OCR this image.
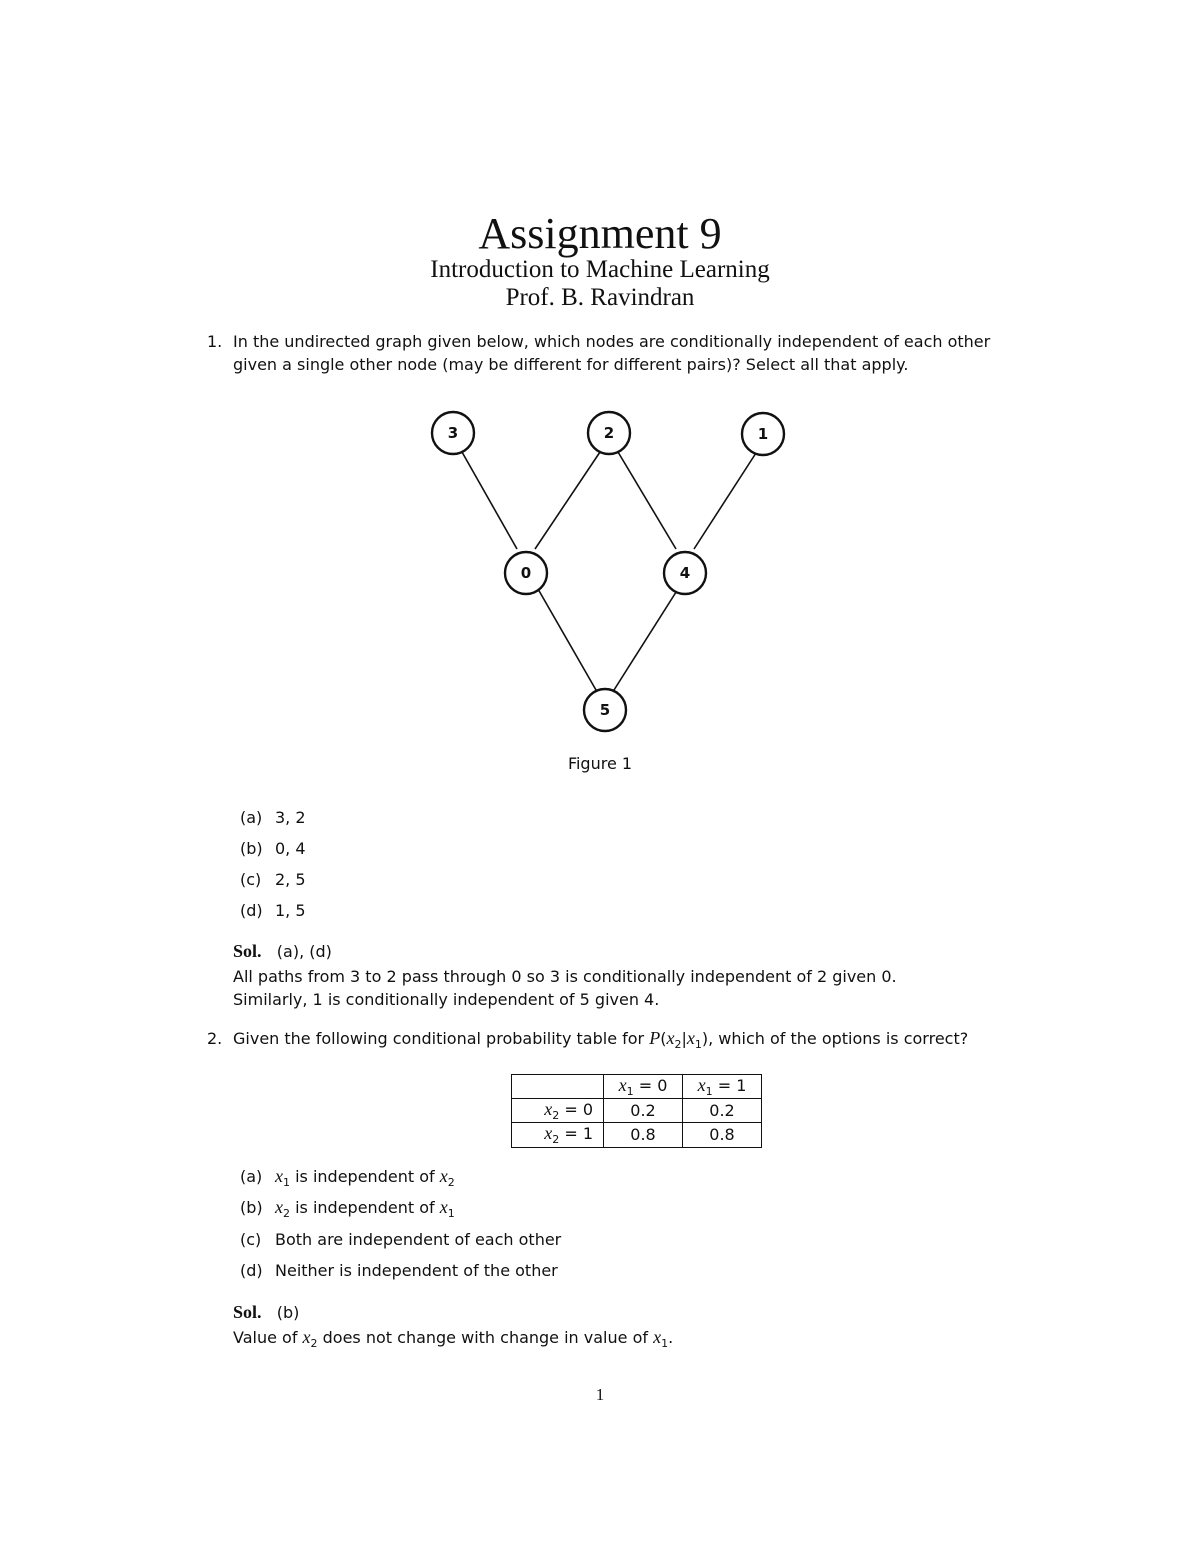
Assignment 9
Introduction to Machine Learning
Prof. B. Ravindran
1. In the undirected graph given below, which nodes are conditionally independent of each other
given a single other node (may be different for different pairs)? Select all that apply.
3	2	1
0	4
5
Figure 1
(a) 3, 2
(b) 0, 4
(c) 2, 5
(d) 1, 5
Sol. (a), (d)
All paths from 3 to 2 pass through 0 so 3 is conditionally independent of 2 given 0.
Similarly, 1 is conditionally independent of 5 given 4.
2. Given the following conditional probability table for $P(x_2|x_1)$, which of the options is correct?
	$x_1 = 0$	$x_1 = 1$
$x_2 = 0$	0.2	0.2
$x_2 = 1$	0.8	0.8
(a) $x_1$ is independent of $x_2$
(b) $x_2$ is independent of $x_1$
(c) Both are independent of each other
(d) Neither is independent of the other
Sol. (b)
Value of $x_2$ does not change with change in value of $x_1$.
1
